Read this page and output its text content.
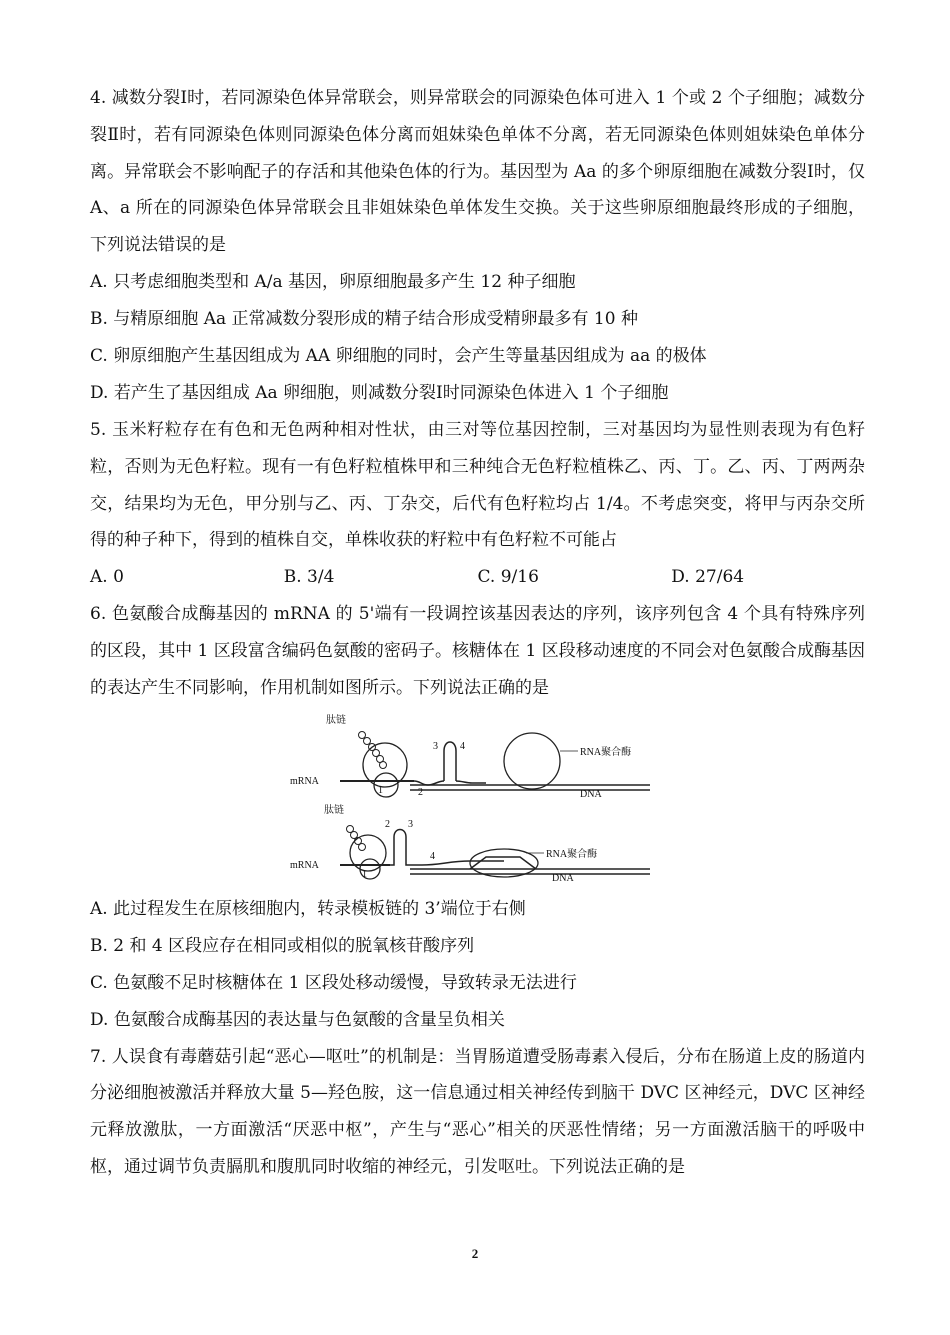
4. 减数分裂Ⅰ时，若同源染色体异常联会，则异常联会的同源染色体可进入 1 个或 2 个子细胞；减数分裂Ⅱ时，若有同源染色体则同源染色体分离而姐妹染色单体不分离，若无同源染色体则姐妹染色单体分离。异常联会不影响配子的存活和其他染色体的行为。基因型为 Aa 的多个卵原细胞在减数分裂Ⅰ时，仅 A、a 所在的同源染色体异常联会且非姐妹染色单体发生交换。关于这些卵原细胞最终形成的子细胞，下列说法错误的是

A. 只考虑细胞类型和 A/a 基因，卵原细胞最多产生 12 种子细胞

B. 与精原细胞 Aa 正常减数分裂形成的精子结合形成受精卵最多有 10 种

C. 卵原细胞产生基因组成为 AA 卵细胞的同时，会产生等量基因组成为 aa 的极体

D. 若产生了基因组成 Aa 卵细胞，则减数分裂Ⅰ时同源染色体进入 1 个子细胞

5. 玉米籽粒存在有色和无色两种相对性状，由三对等位基因控制，三对基因均为显性则表现为有色籽粒，否则为无色籽粒。现有一有色籽粒植株甲和三种纯合无色籽粒植株乙、丙、丁。乙、丙、丁两两杂交，结果均为无色，甲分别与乙、丙、丁杂交，后代有色籽粒均占 1/4。不考虑突变，将甲与丙杂交所得的种子种下，得到的植株自交，单株收获的籽粒中有色籽粒不可能占

A. 0	B. 3/4	C. 9/16	D. 27/64

6. 色氨酸合成酶基因的 mRNA 的 5'端有一段调控该基因表达的序列，该序列包含 4 个具有特殊序列的区段，其中 1 区段富含编码色氨酸的密码子。核糖体在 1 区段移动速度的不同会对色氨酸合成酶基因的表达产生不同影响，作用机制如图所示。下列说法正确的是

肽链
mRNA
1	2
3 4
RNA聚合酶
DNA
肽链
mRNA
1
2 3
4	RNA聚合酶
DNA

A. 此过程发生在原核细胞内，转录模板链的 3’端位于右侧

B. 2 和 4 区段应存在相同或相似的脱氧核苷酸序列

C. 色氨酸不足时核糖体在 1 区段处移动缓慢，导致转录无法进行

D. 色氨酸合成酶基因的表达量与色氨酸的含量呈负相关

7. 人误食有毒蘑菇引起“恶心—呕吐”的机制是：当胃肠道遭受肠毒素入侵后，分布在肠道上皮的肠道内分泌细胞被激活并释放大量 5—羟色胺，这一信息通过相关神经传到脑干 DVC 区神经元，DVC 区神经元释放激肽，一方面激活“厌恶中枢”，产生与“恶心”相关的厌恶性情绪；另一方面激活脑干的呼吸中枢，通过调节负责膈肌和腹肌同时收缩的神经元，引发呕吐。下列说法正确的是

2
